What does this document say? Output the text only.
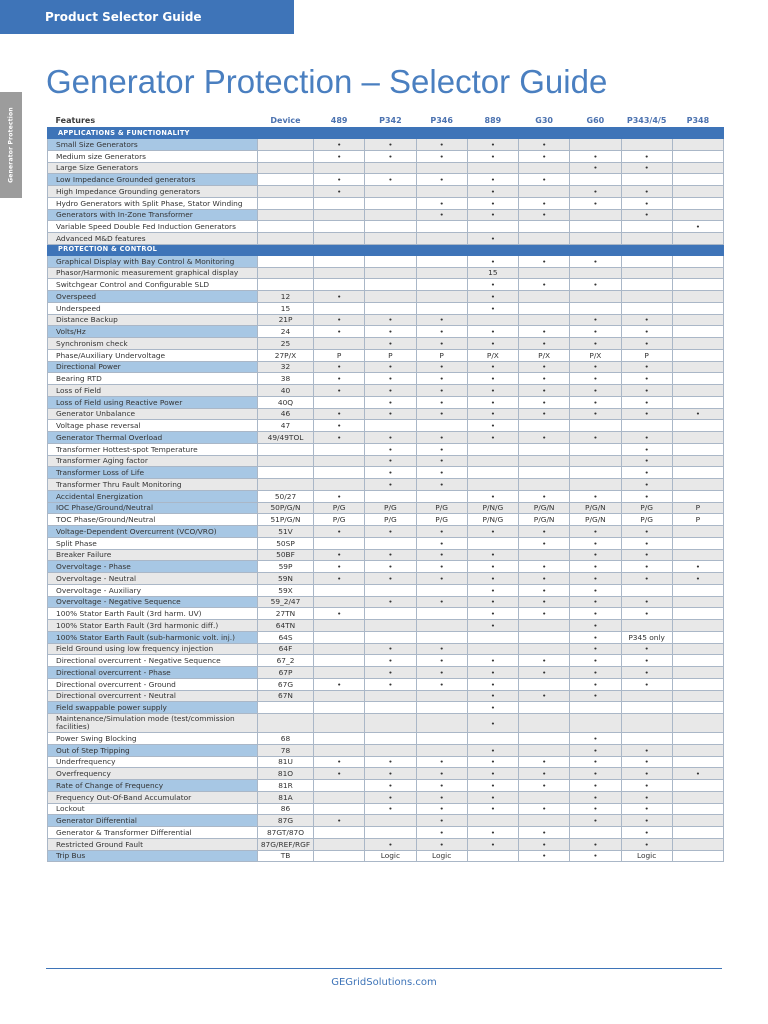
Product Selector Guide
Generator Protection
Generator Protection – Selector Guide
Features	Device	489	P342	P346	889	G30	G60	P343/4/5	P348
APPLICATIONS & FUNCTIONALITY									
Small Size Generators		•	•	•	•	•			
Medium size Generators		•	•	•	•	•	•	•	
Large Size Generators							•	•	
Low Impedance Grounded generators		•	•	•	•	•			
High Impedance Grounding generators		•			•		•	•	
Hydro Generators with Split Phase, Stator Winding				•	•	•	•	•	
Generators with In-Zone Transformer				•	•	•		•	
Variable Speed Double Fed Induction Generators									•
Advanced M&D features					•				
PROTECTION & CONTROL									
Graphical Display with Bay Control & Monitoring					•	•	•		
Phasor/Harmonic measurement graphical display					15				
Switchgear Control and Configurable SLD					•	•	•		
Overspeed	12	•			•				
Underspeed	15				•				
Distance Backup	21P	•	•	•			•	•	
Volts/Hz	24	•	•	•	•	•	•	•	
Synchronism check	25		•	•	•	•	•	•	
Phase/Auxiliary Undervoltage	27P/X	P	P	P	P/X	P/X	P/X	P	
Directional Power	32	•	•	•	•	•	•	•	
Bearing RTD	38	•	•	•	•	•	•	•	
Loss of Field	40	•	•	•	•	•	•	•	
Loss of Field using Reactive Power	40Q		•	•	•	•	•	•	
Generator Unbalance	46	•	•	•	•	•	•	•	•
Voltage phase reversal	47	•			•				
Generator Thermal Overload	49/49TOL	•	•	•	•	•	•	•	
Transformer Hottest-spot Temperature			•	•				•	
Transformer Aging factor			•	•				•	
Transformer Loss of Life			•	•				•	
Transformer Thru Fault Monitoring			•	•				•	
Accidental Energization	50/27	•			•	•	•	•	
IOC Phase/Ground/Neutral	50P/G/N	P/G	P/G	P/G	P/N/G	P/G/N	P/G/N	P/G	P
TOC Phase/Ground/Neutral	51P/G/N	P/G	P/G	P/G	P/N/G	P/G/N	P/G/N	P/G	P
Voltage-Dependent Overcurrent (VCO/VRO)	51V	•	•	•	•	•	•	•	
Split Phase	50SP			•		•	•	•	
Breaker Failure	50BF	•	•	•	•		•	•	
Overvoltage - Phase	59P	•	•	•	•	•	•	•	•
Overvoltage - Neutral	59N	•	•	•	•	•	•	•	•
Overvoltage - Auxiliary	59X				•	•	•		
Overvoltage - Negative Sequence	59_2/47		•	•	•	•	•	•	
100% Stator Earth Fault (3rd harm. UV)	27TN	•			•	•	•	•	
100% Stator Earth Fault (3rd harmonic diff.)	64TN				•		•		
100% Stator Earth Fault (sub-harmonic volt. inj.)	64S						•	P345 only	
Field Ground using low frequency injection	64F		•	•			•	•	
Directional overcurrent - Negative Sequence	67_2		•	•	•	•	•	•	
Directional overcurrent - Phase	67P		•	•	•	•	•	•	
Directional overcurrent - Ground	67G	•	•	•	•		•	•	
Directional overcurrent - Neutral	67N				•	•	•		
Field swappable power supply					•				
Maintenance/Simulation mode (test/commission facilities)					•				
Power Swing Blocking	68						•		
Out of Step Tripping	78				•		•	•	
Underfrequency	81U	•	•	•	•	•	•	•	
Overfrequency	81O	•	•	•	•	•	•	•	•
Rate of Change of Frequency	81R		•	•	•	•	•	•	
Frequency Out-Of-Band Accumulator	81A		•	•	•		•	•	
Lockout	86		•	•	•	•	•	•	
Generator Differential	87G	•		•			•	•	
Generator & Transformer Differential	87GT/87O			•	•	•		•	
Restricted Ground Fault	87G/REF/RGF		•	•	•	•	•	•	
Trip Bus	TB		Logic	Logic		•	•	Logic	
GEGridSolutions.com
